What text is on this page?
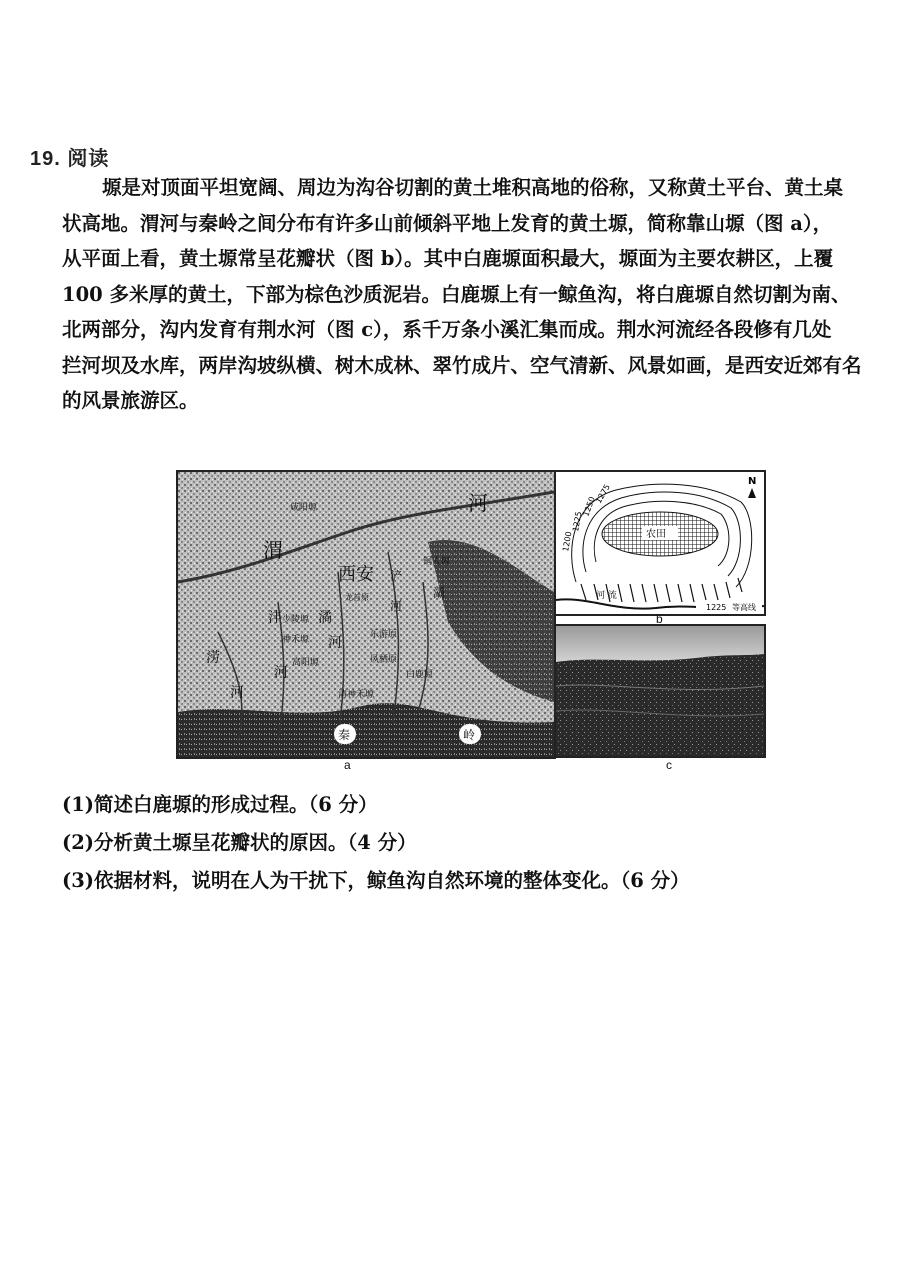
19. 阅读
塬是对顶面平坦宽阔、周边为沟谷切割的黄土堆积高地的俗称，又称黄土平台、黄土桌
状高地。渭河与秦岭之间分布有许多山前倾斜平地上发育的黄土塬，简称靠山塬（图 a），
从平面上看，黄土塬常呈花瓣状（图 b）。其中白鹿塬面积最大，塬面为主要农耕区，上覆
100 多米厚的黄土，下部为棕色沙质泥岩。白鹿塬上有一鲸鱼沟，将白鹿塬自然切割为南、
北两部分，沟内发育有荆水河（图 c），系千万条小溪汇集而成。荆水河流经各段修有几处
拦河坝及水库，两岸沟坡纵横、树木成林、翠竹成片、空气清新、风景如画，是西安近郊有名
的风景旅游区。
咸阳塬
渭
河
西安
铜人塬
龙首原
少陵塬
神禾塬
高阳塬
乐游原
风栖原
白鹿原
清神禾塬
涝
河
沣
河
潏
河
浐
河
灞
秦	岭
a
农田
N
1200
1225
1250
1275
河 流
1225 等高线
b
c
(1)简述白鹿塬的形成过程。（6 分）
(2)分析黄土塬呈花瓣状的原因。（4 分）
(3)依据材料，说明在人为干扰下，鲸鱼沟自然环境的整体变化。（6 分）
